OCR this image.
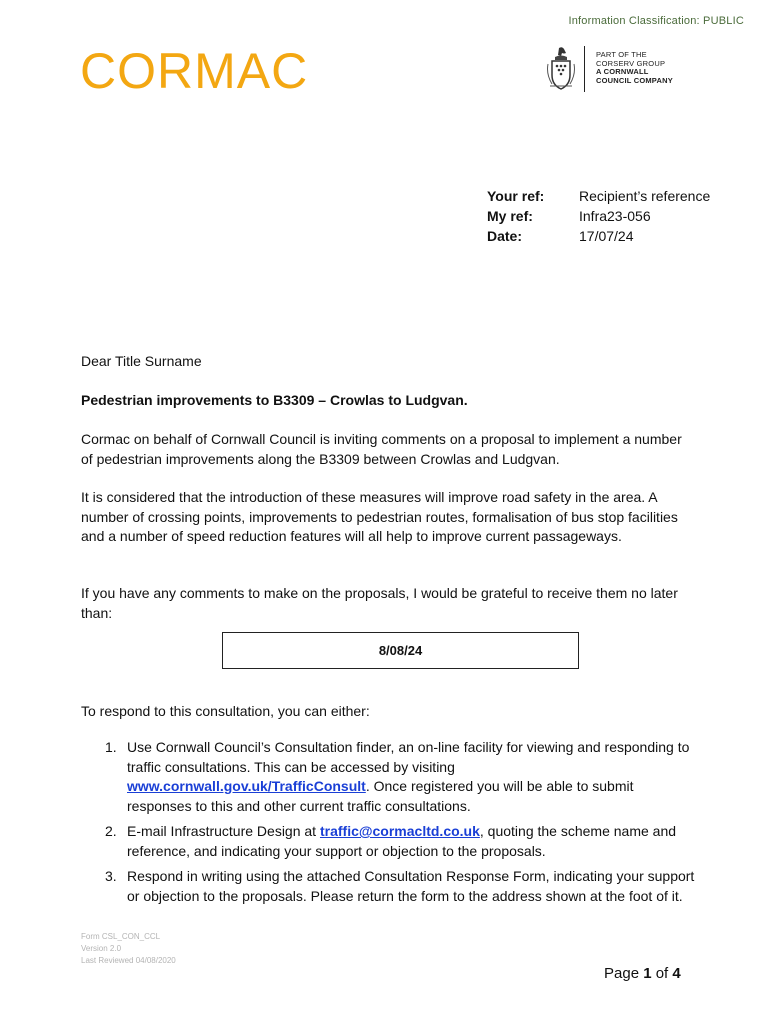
Information Classification: PUBLIC
CORMAC	PART OF THE
CORSERV GROUP
A CORNWALL
COUNCIL COMPANY
Your ref:	Recipient’s reference
My ref:	Infra23-056
Date:	17/07/24
Dear Title Surname
Pedestrian improvements to B3309 – Crowlas to Ludgvan.
Cormac on behalf of Cornwall Council is inviting comments on a proposal to implement a number of pedestrian improvements along the B3309 between Crowlas and Ludgvan.
It is considered that the introduction of these measures will improve road safety in the area. A number of crossing points, improvements to pedestrian routes, formalisation of bus stop facilities and a number of speed reduction features will all help to improve current passageways.
If you have any comments to make on the proposals, I would be grateful to receive them no later than:
8/08/24
To respond to this consultation, you can either:
1. Use Cornwall Council’s Consultation finder, an on-line facility for viewing and responding to traffic consultations. This can be accessed by visiting www.cornwall.gov.uk/TrafficConsult. Once registered you will be able to submit responses to this and other current traffic consultations.
2. E-mail Infrastructure Design at traffic@cormacltd.co.uk, quoting the scheme name and reference, and indicating your support or objection to the proposals.
3. Respond in writing using the attached Consultation Response Form, indicating your support or objection to the proposals. Please return the form to the address shown at the foot of it.
Form CSL_CON_CCL
Version 2.0
Last Reviewed 04/08/2020
Page 1 of 4
